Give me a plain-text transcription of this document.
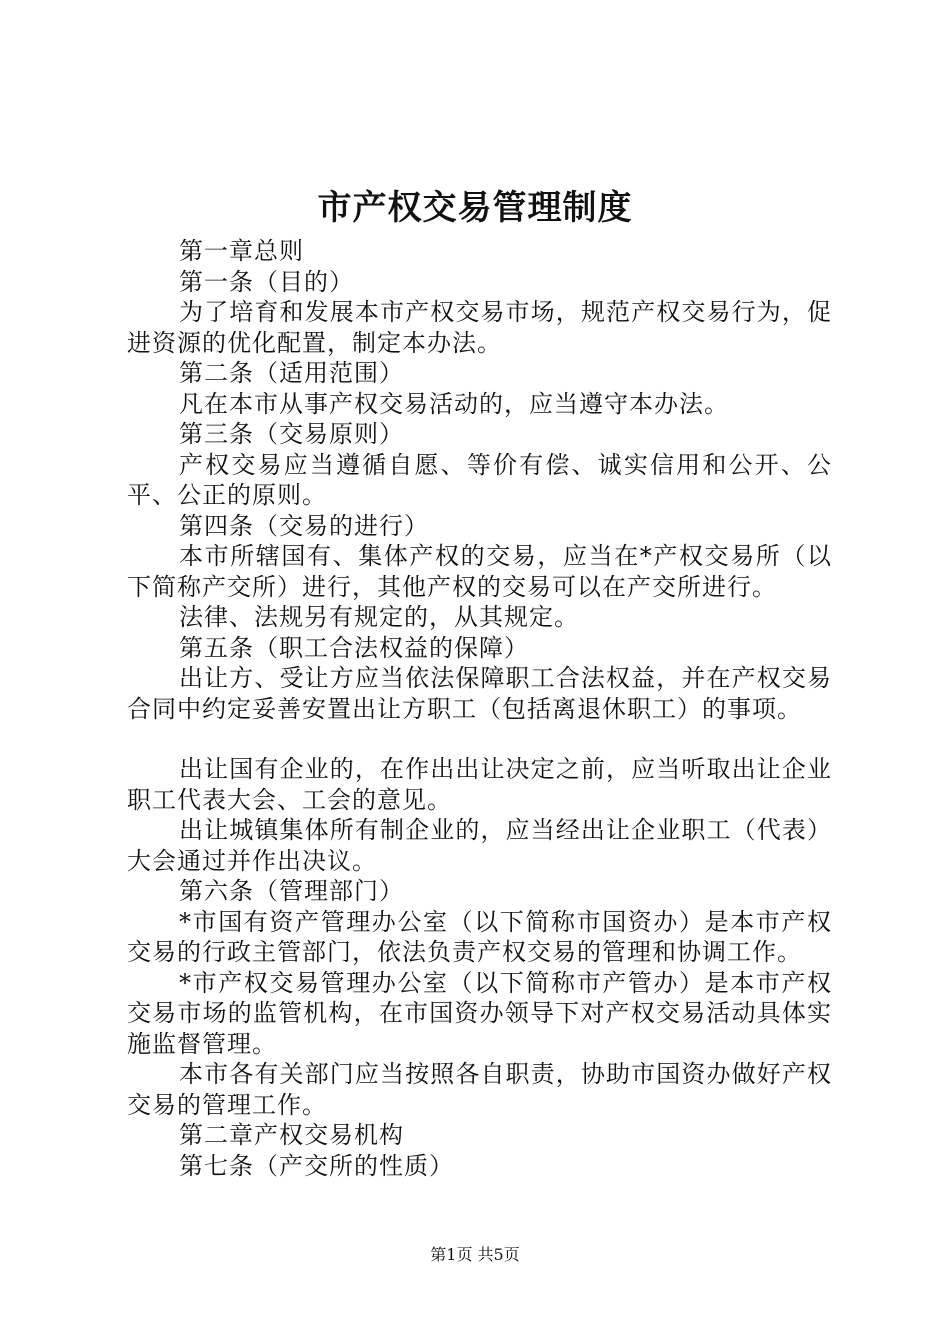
市产权交易管理制度

第一章总则

第一条（目的）

为了培育和发展本市产权交易市场，规范产权交易行为，促进资源的优化配置，制定本办法。

第二条（适用范围）

凡在本市从事产权交易活动的，应当遵守本办法。

第三条（交易原则）

产权交易应当遵循自愿、等价有偿、诚实信用和公开、公平、公正的原则。

第四条（交易的进行）

本市所辖国有、集体产权的交易，应当在*产权交易所（以下简称产交所）进行，其他产权的交易可以在产交所进行。

法律、法规另有规定的，从其规定。

第五条（职工合法权益的保障）

出让方、受让方应当依法保障职工合法权益，并在产权交易合同中约定妥善安置出让方职工（包括离退休职工）的事项。

出让国有企业的，在作出出让决定之前，应当听取出让企业职工代表大会、工会的意见。

出让城镇集体所有制企业的，应当经出让企业职工（代表）大会通过并作出决议。

第六条（管理部门）

*市国有资产管理办公室（以下简称市国资办）是本市产权交易的行政主管部门，依法负责产权交易的管理和协调工作。

*市产权交易管理办公室（以下简称市产管办）是本市产权交易市场的监管机构，在市国资办领导下对产权交易活动具体实施监督管理。

本市各有关部门应当按照各自职责，协助市国资办做好产权交易的管理工作。

第二章产权交易机构

第七条（产交所的性质）

第1页 共5页
